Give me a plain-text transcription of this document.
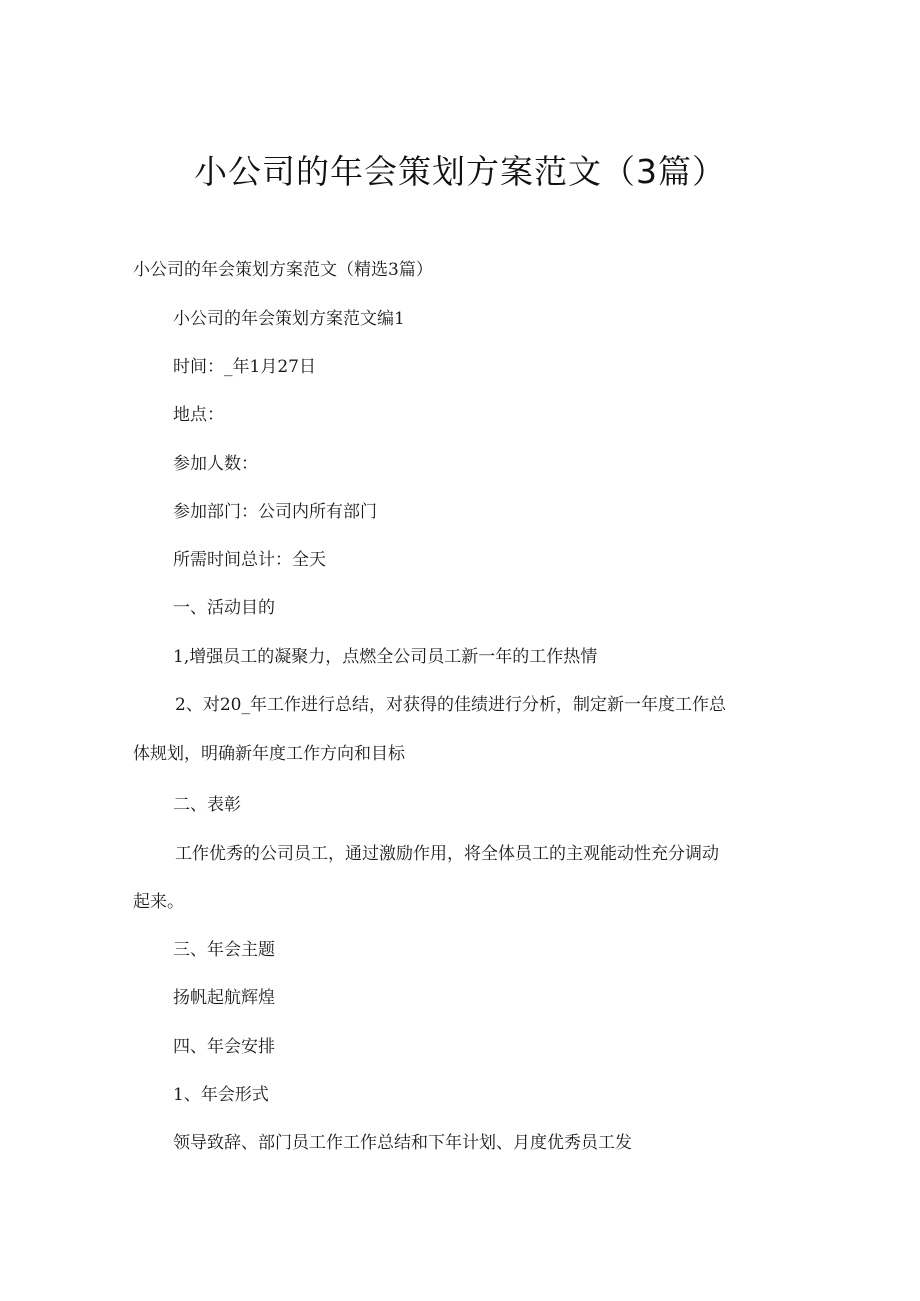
小公司的年会策划方案范文（3篇）

小公司的年会策划方案范文（精选3篇）

小公司的年会策划方案范文编1

时间：_年1月27日

地点：

参加人数：

参加部门：公司内所有部门

所需时间总计：全天

一、活动目的

1,增强员工的凝聚力，点燃全公司员工新一年的工作热情

2、对20_年工作进行总结，对获得的佳绩进行分析，制定新一年度工作总

体规划，明确新年度工作方向和目标

二、表彰

工作优秀的公司员工，通过激励作用，将全体员工的主观能动性充分调动

起来。

三、年会主题

扬帆起航辉煌

四、年会安排

1、年会形式

领导致辞、部门员工作工作总结和下年计划、月度优秀员工发
